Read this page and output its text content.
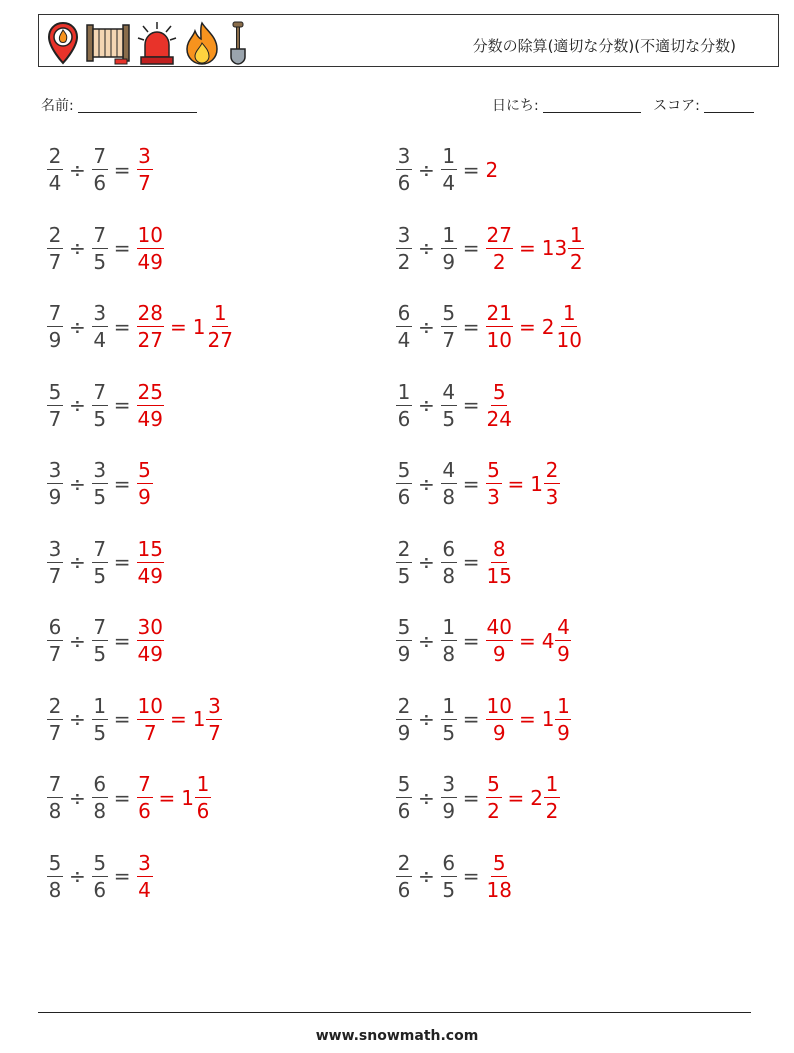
分数の除算(適切な分数)(不適切な分数)
名前:	日にち:	スコア:
$\frac{2}{4} \div \frac{7}{6} = \frac{3}{7}$	$\frac{3}{6} \div \frac{1}{4} = 2$
$\frac{2}{7} \div \frac{7}{5} = \frac{10}{49}$	$\frac{3}{2} \div \frac{1}{9} = \frac{27}{2} = 13 \frac{1}{2}$
$\frac{7}{9} \div \frac{3}{4} = \frac{28}{27} = 1 \frac{1}{27}$	$\frac{6}{4} \div \frac{5}{7} = \frac{21}{10} = 2 \frac{1}{10}$
$\frac{5}{7} \div \frac{7}{5} = \frac{25}{49}$	$\frac{1}{6} \div \frac{4}{5} = \frac{5}{24}$
$\frac{3}{9} \div \frac{3}{5} = \frac{5}{9}$	$\frac{5}{6} \div \frac{4}{8} = \frac{5}{3} = 1 \frac{2}{3}$
$\frac{3}{7} \div \frac{7}{5} = \frac{15}{49}$	$\frac{2}{5} \div \frac{6}{8} = \frac{8}{15}$
$\frac{6}{7} \div \frac{7}{5} = \frac{30}{49}$	$\frac{5}{9} \div \frac{1}{8} = \frac{40}{9} = 4 \frac{4}{9}$
$\frac{2}{7} \div \frac{1}{5} = \frac{10}{7} = 1 \frac{3}{7}$	$\frac{2}{9} \div \frac{1}{5} = \frac{10}{9} = 1 \frac{1}{9}$
$\frac{7}{8} \div \frac{6}{8} = \frac{7}{6} = 1 \frac{1}{6}$	$\frac{5}{6} \div \frac{3}{9} = \frac{5}{2} = 2 \frac{1}{2}$
$\frac{5}{8} \div \frac{5}{6} = \frac{3}{4}$	$\frac{2}{6} \div \frac{6}{5} = \frac{5}{18}$
www.snowmath.com
